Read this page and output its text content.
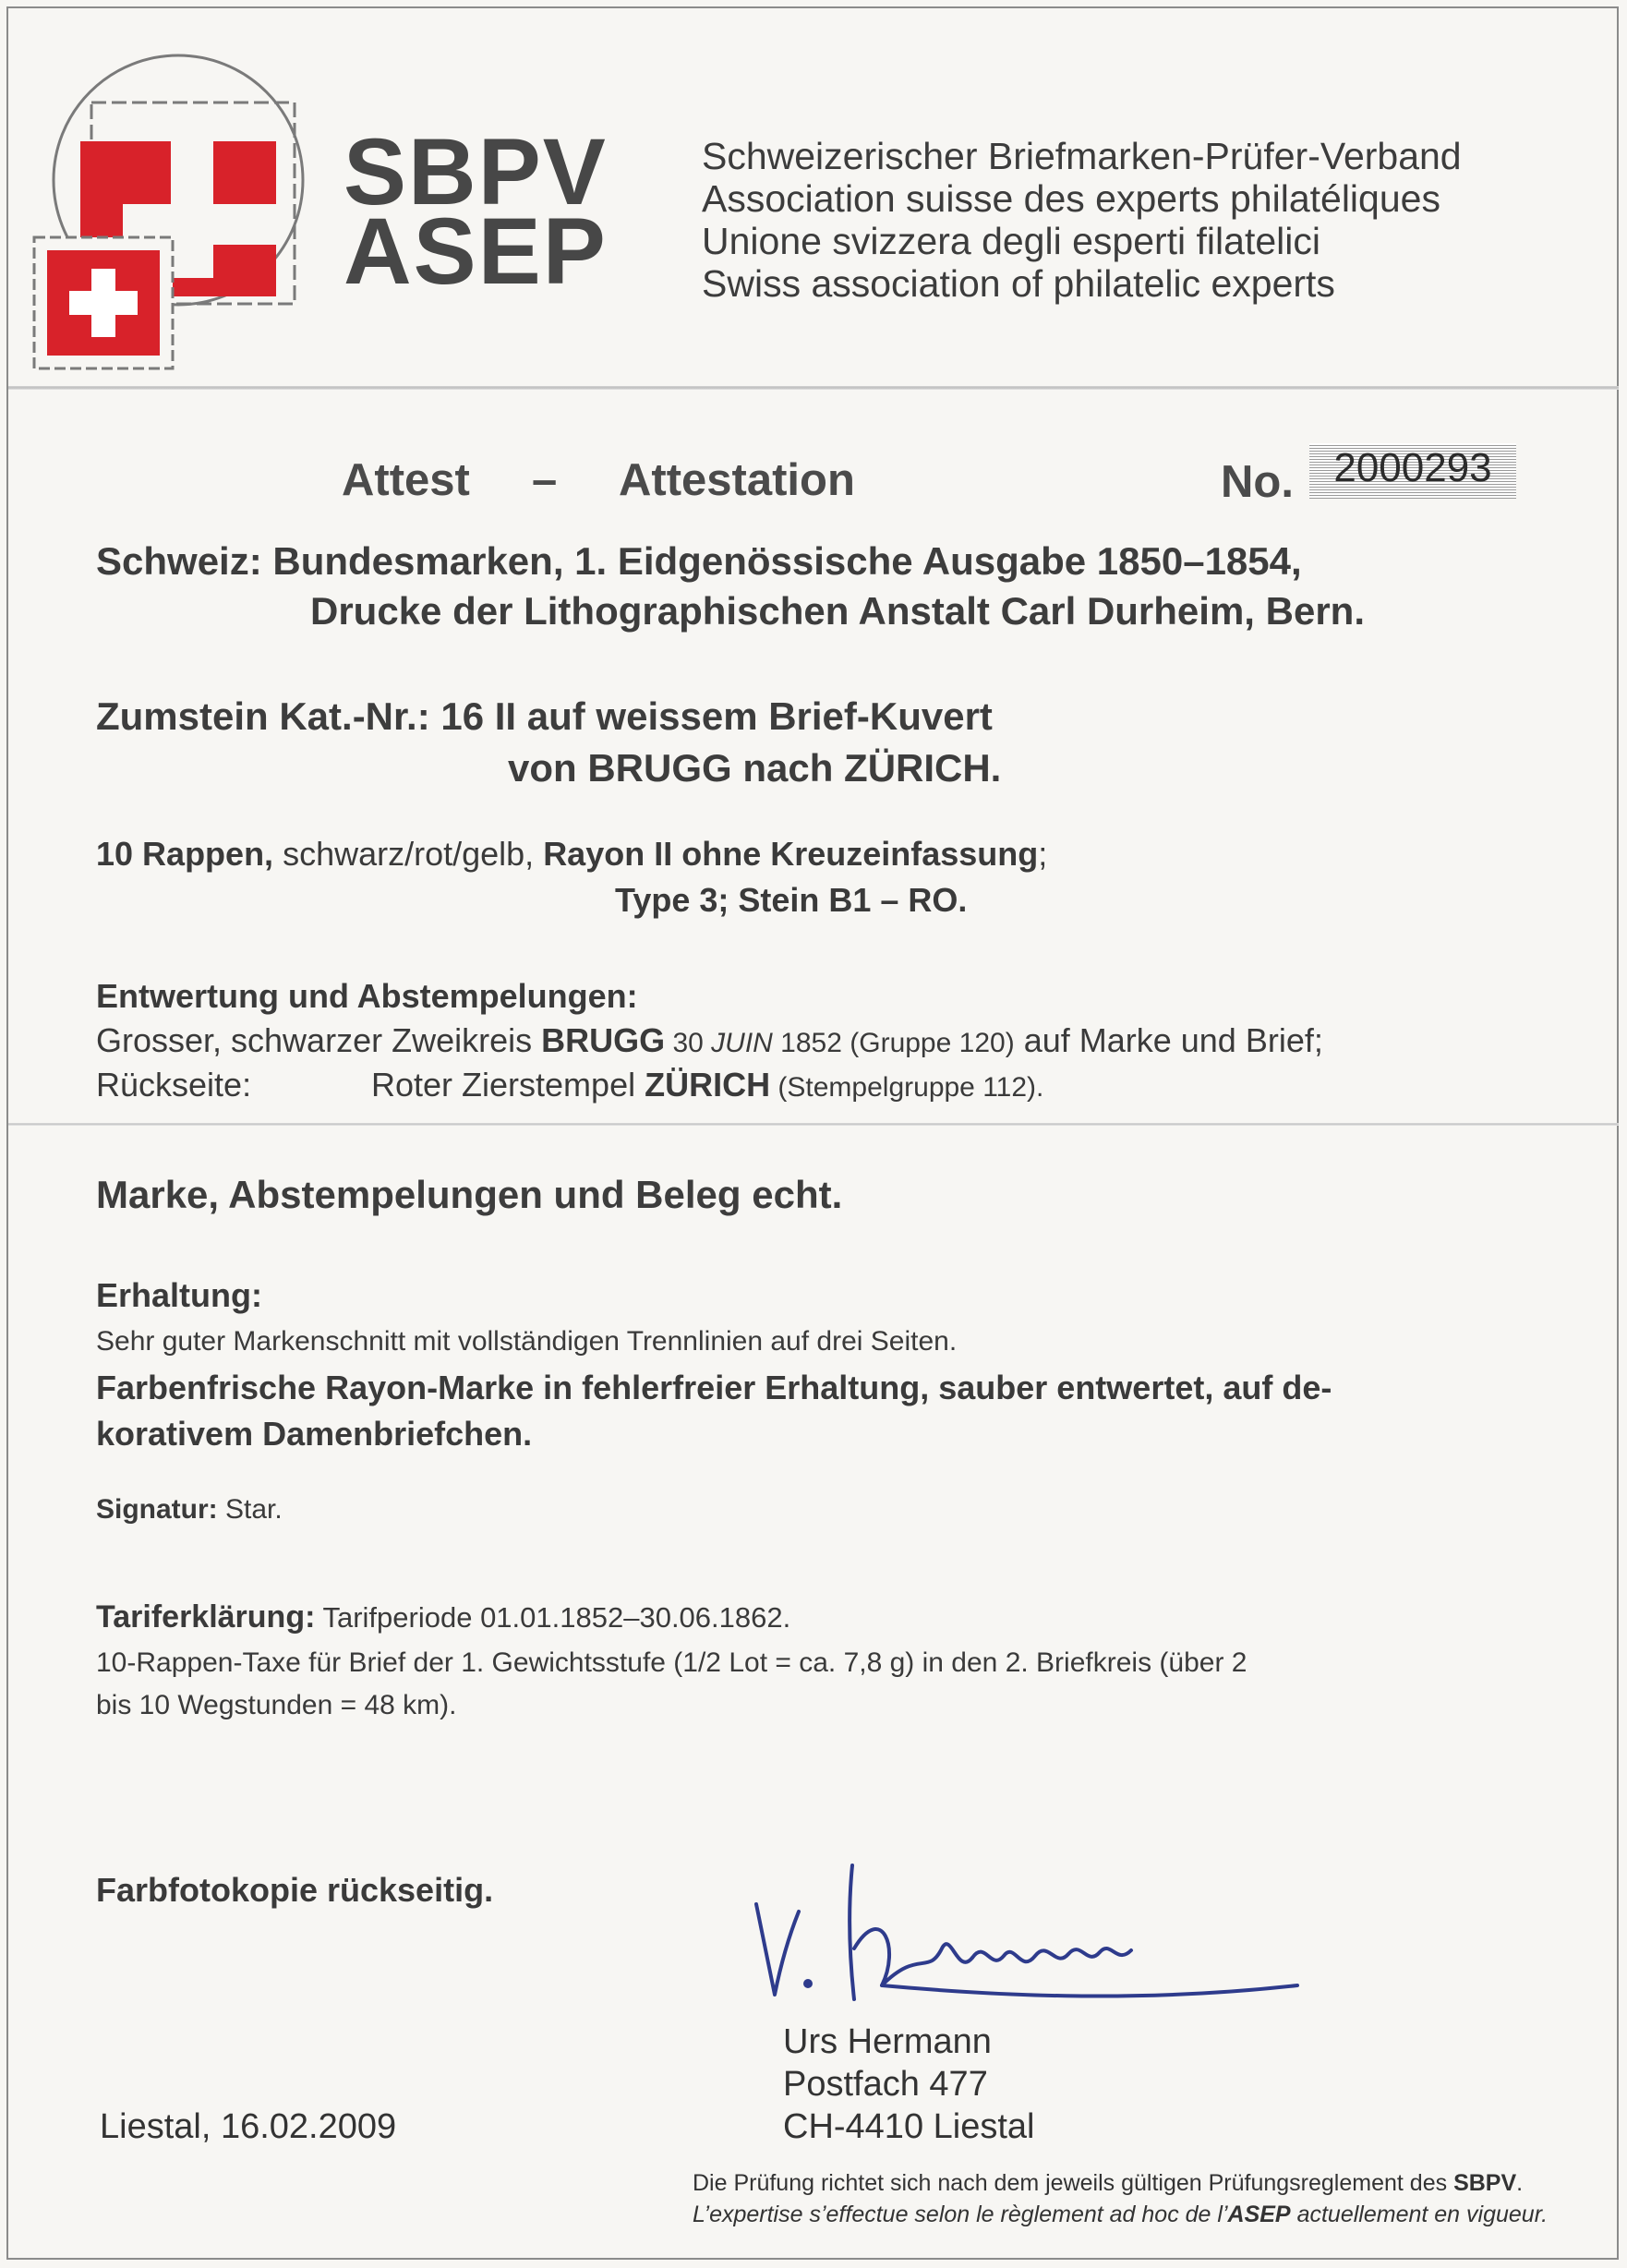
SBPV
ASEP
Schweizerischer Briefmarken-Prüfer-Verband
Association suisse des experts philatéliques
Unione svizzera degli esperti filatelici
Swiss association of philatelic experts
Attest – Attestation	No. 2000293
Schweiz: Bundesmarken, 1. Eidgenössische Ausgabe 1850–1854,
Drucke der Lithographischen Anstalt Carl Durheim, Bern.
Zumstein Kat.-Nr.: 16 II auf weissem Brief-Kuvert
von BRUGG nach ZÜRICH.
10 Rappen, schwarz/rot/gelb, Rayon II ohne Kreuzeinfassung;
Type 3; Stein B1 – RO.
Entwertung und Abstempelungen:
Grosser, schwarzer Zweikreis BRUGG 30 JUIN 1852 (Gruppe 120) auf Marke und Brief;
Rückseite:	Roter Zierstempel ZÜRICH (Stempelgruppe 112).
Marke, Abstempelungen und Beleg echt.
Erhaltung:
Sehr guter Markenschnitt mit vollständigen Trennlinien auf drei Seiten.
Farbenfrische Rayon-Marke in fehlerfreier Erhaltung, sauber entwertet, auf de-
korativem Damenbriefchen.
Signatur: Star.
Tariferklärung: Tarifperiode 01.01.1852–30.06.1862.
10-Rappen-Taxe für Brief der 1. Gewichtsstufe (1/2 Lot = ca. 7,8 g) in den 2. Briefkreis (über 2
bis 10 Wegstunden = 48 km).
Farbfotokopie rückseitig.
Urs Hermann
Postfach 477
CH-4410 Liestal
Liestal, 16.02.2009
Die Prüfung richtet sich nach dem jeweils gültigen Prüfungsreglement des SBPV.
L’expertise s’effectue selon le règlement ad hoc de l’ASEP actuellement en vigueur.
